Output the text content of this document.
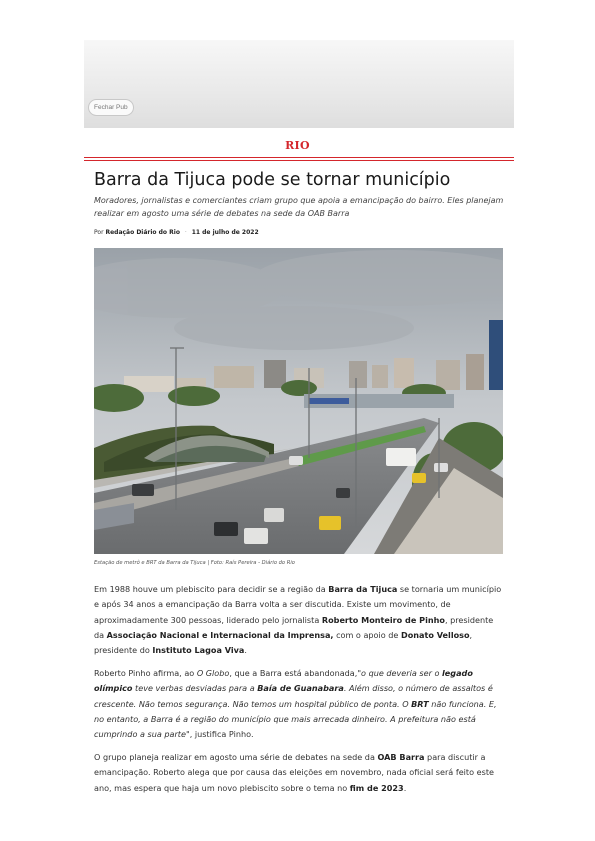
Fechar Pub
RIO
Barra da Tijuca pode se tornar município

Moradores, jornalistas e comerciantes criam grupo que apoia a emancipação do bairro. Eles planejam realizar em agosto uma série de debates na sede da OAB Barra

Por Redação Diário do Rio · 11 de julho de 2022
Estação de metrô e BRT da Barra da Tijuca | Foto: Raís Pereira - Diário do Rio

Em 1988 houve um plebiscito para decidir se a região da Barra da Tijuca se tornaria um município e após 34 anos a emancipação da Barra volta a ser discutida. Existe um movimento, de aproximadamente 300 pessoas, liderado pelo jornalista Roberto Monteiro de Pinho, presidente da Associação Nacional e Internacional da Imprensa, com o apoio de Donato Velloso, presidente do Instituto Lagoa Viva.

Roberto Pinho afirma, ao O Globo, que a Barra está abandonada,"o que deveria ser o legado olímpico teve verbas desviadas para a Baía de Guanabara. Além disso, o número de assaltos é crescente. Não temos segurança. Não temos um hospital público de ponta. O BRT não funciona. E, no entanto, a Barra é a região do município que mais arrecada dinheiro. A prefeitura não está cumprindo a sua parte", justifica Pinho.

O grupo planeja realizar em agosto uma série de debates na sede da OAB Barra para discutir a emancipação. Roberto alega que por causa das eleições em novembro, nada oficial será feito este ano, mas espera que haja um novo plebiscito sobre o tema no fim de 2023.
